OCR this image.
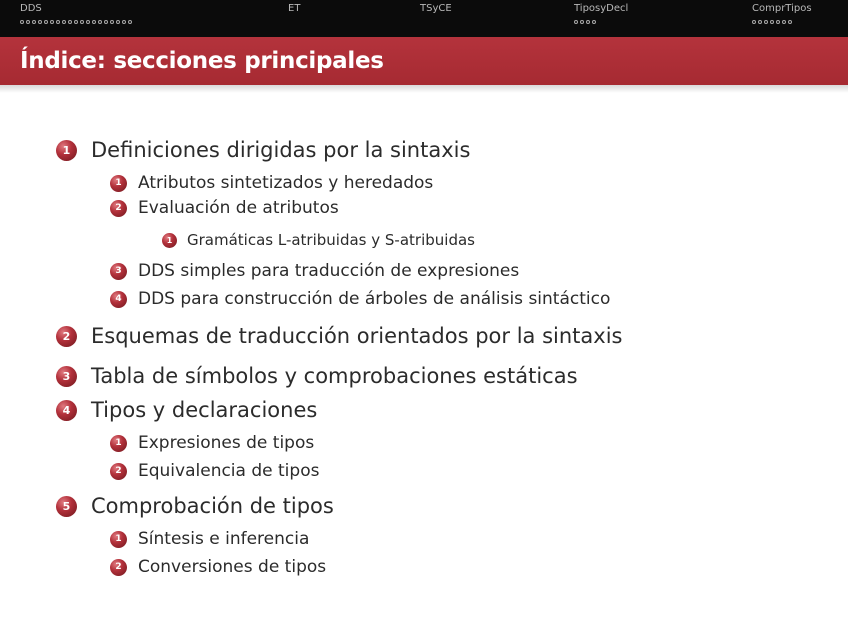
DDS	ET	TSyCE	TiposyDecl	ComprTipos
Índice: secciones principales
1 Definiciones dirigidas por la sintaxis
1 Atributos sintetizados y heredados
2 Evaluación de atributos
1 Gramáticas L-atribuidas y S-atribuidas
3 DDS simples para traducción de expresiones
4 DDS para construcción de árboles de análisis sintáctico
2 Esquemas de traducción orientados por la sintaxis
3 Tabla de símbolos y comprobaciones estáticas
4 Tipos y declaraciones
1 Expresiones de tipos
2 Equivalencia de tipos
5 Comprobación de tipos
1 Síntesis e inferencia
2 Conversiones de tipos
